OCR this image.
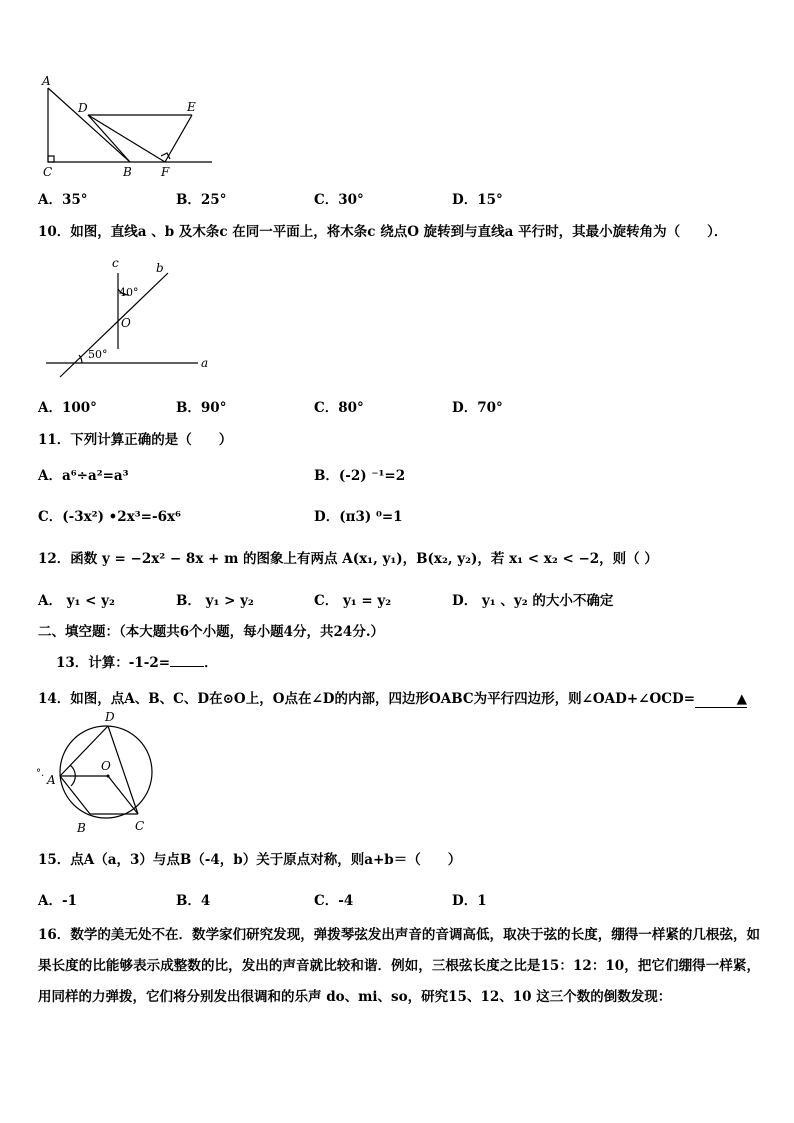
A
C	B
D	E
F
A．35°	B．25°	C．30°	D．15°
10．如图，直线a 、b 及木条c 在同一平面上，将木条c 绕点O 旋转到与直线a 平行时，其最小旋转角为（　　）．
c	b
a
O
40°
50°
A．100°	B．90°	C．80°	D．70°
11．下列计算正确的是（　　）
A．a⁶÷a²=a³	B．(-2) ⁻¹=2
C．(-3x²) •2x³=-6x⁶	D．(π3) ⁰=1
12．函数 y = −2x² − 8x + m 的图象上有两点 A(x₁, y₁)，B(x₂, y₂)，若 x₁ < x₂ < −2，则（ ）
A． y₁ < y₂	B． y₁ > y₂	C． y₁ = y₂	D． y₁ 、y₂ 的大小不确定
二、填空题：（本大题共6个小题，每小题4分，共24分.）
13．计算：-1-2=	．
14．如图，点A、B、C、D在⊙O上，O点在∠D的内部，四边形OABC为平行四边形，则∠OAD+∠OCD=	▲
D
O
A
B	C
°.
15．点A（a，3）与点B（-4，b）关于原点对称，则a+b＝（　　）
A．-1	B．4	C．-4	D．1
16．数学的美无处不在．数学家们研究发现，弹拨琴弦发出声音的音调高低，取决于弦的长度，绷得一样紧的几根弦，如果长度的比能够表示成整数的比，发出的声音就比较和谐．例如，三根弦长度之比是15：12：10，把它们绷得一样紧，用同样的力弹拨，它们将分别发出很调和的乐声 do、mi、so，研究15、12、10 这三个数的倒数发现：
